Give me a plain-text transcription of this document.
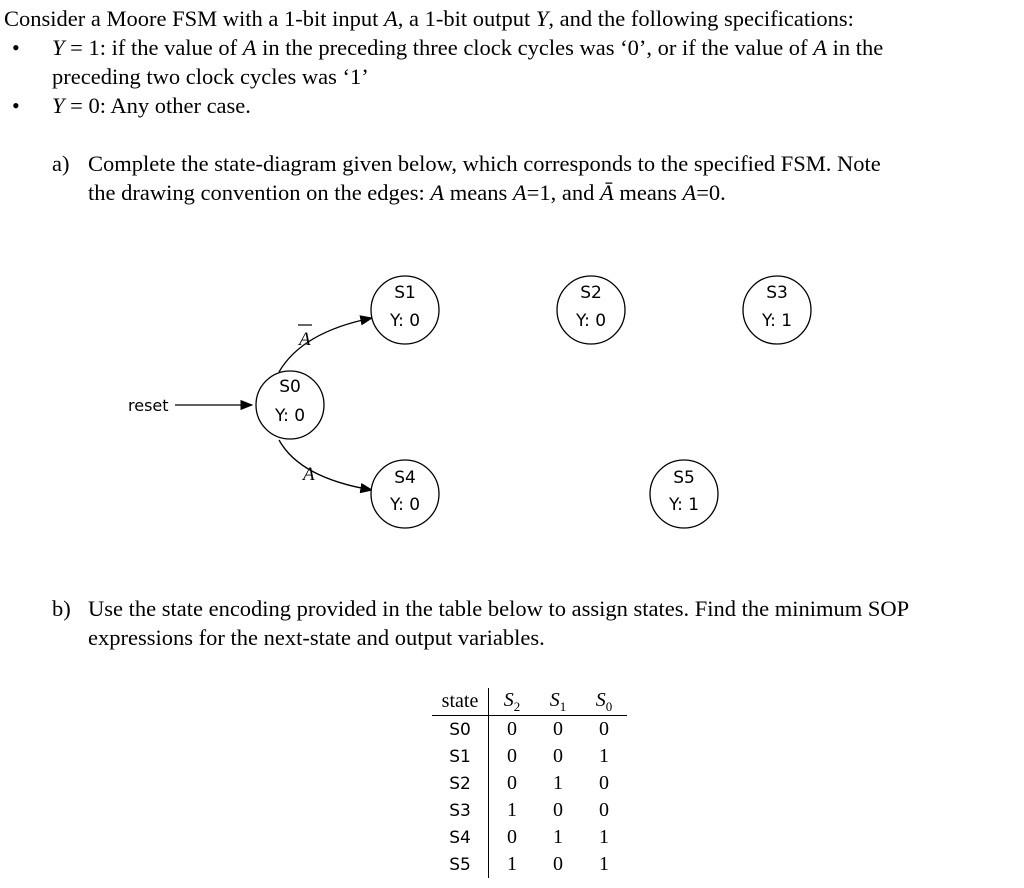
Consider a Moore FSM with a 1-bit input A, a 1-bit output Y, and the following specifications:

• Y = 1: if the value of A in the preceding three clock cycles was ‘0’, or if the value of A in the

preceding two clock cycles was ‘1’

• Y = 0: Any other case.

a) Complete the state-diagram given below, which corresponds to the specified FSM. Note

the drawing convention on the edges: A means A=1, and Ā means A=0.

reset
A
A
S0
Y: 0
S1
Y: 0
S2
Y: 0
S3
Y: 1
S4
Y: 0
S5
Y: 1

b) Use the state encoding provided in the table below to assign states. Find the minimum SOP

expressions for the next-state and output variables.

state	$S_2$	$S_1$	$S_0$
S0	0	0	0
S1	0	0	1
S2	0	1	0
S3	1	0	0
S4	0	1	1
S5	1	0	1
